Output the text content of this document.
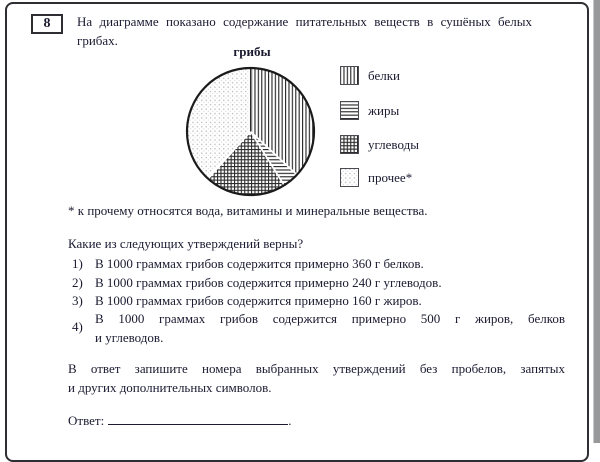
8 На диаграмме показано содержание питательных веществ в сушёных белых
грибах.
грибы
белки
жиры
углеводы
прочее*
* к прочему относятся вода, витамины и минеральные вещества.
Какие из следующих утверждений верны?
1) В 1000 граммах грибов содержится примерно 360 г белков.
2) В 1000 граммах грибов содержится примерно 240 г углеводов.
3) В 1000 граммах грибов содержится примерно 160 г жиров.
4)
В 1000 граммах грибов содержится примерно 500 г жиров, белков
и углеводов.
В ответ запишите номера выбранных утверждений без пробелов, запятых
и других дополнительных символов.
Ответ:	.
